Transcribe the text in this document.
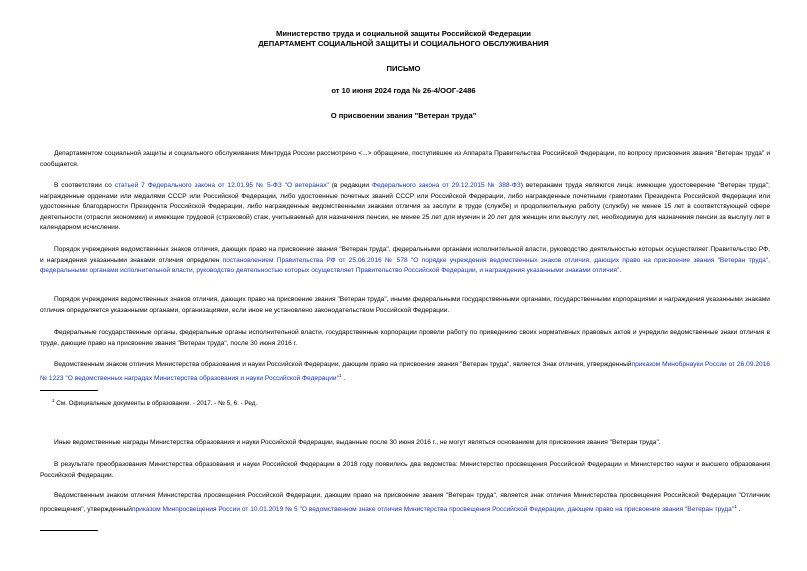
Министерство труда и социальной защиты Российской Федерации
ДЕПАРТАМЕНТ СОЦИАЛЬНОЙ ЗАЩИТЫ И СОЦИАЛЬНОГО ОБСЛУЖИВАНИЯ
ПИСЬМО
от 10 июня 2024 года № 26-4/ООГ-2486
О присвоении звания "Ветеран труда"

Департаментом социальной защиты и социального обслуживания Минтруда России рассмотрено <...> обращение, поступившее из Аппарата Правительства Российской Федерации, по вопросу присвоения звания "Ветеран труда" и сообщается.

В соответствии со статьей 7 Федерального закона от 12.01.95 № 5-ФЗ "О ветеранах" (в редакции Федерального закона от 29.12.2015 № 388-ФЗ) ветеранами труда являются лица: имеющие удостоверение "Ветеран труда"; награжденные орденами или медалями СССР или Российской Федерации, либо удостоенные почетных званий СССР или Российской Федерации, либо награжденные почетными грамотами Президента Российской Федерации или удостоенные благодарности Президента Российской Федерации, либо награжденные ведомственными знаками отличия за заслуги в труде (службе) и продолжительную работу (службу) не менее 15 лет в соответствующей сфере деятельности (отрасли экономики) и имеющие трудовой (страховой) стаж, учитываемый для назначения пенсии, не менее 25 лет для мужчин и 20 лет для женщин или выслугу лет, необходимую для назначения пенсии за выслугу лет в календарном исчислении.

Порядок учреждения ведомственных знаков отличия, дающих право на присвоение звания "Ветеран труда", федеральными органами исполнительной власти, руководство деятельностью которых осуществляет Правительство РФ, и награждения указанными знаками отличия определен постановлением Правительства РФ от 25.06.2016 № 578 "О порядке учреждения ведомственных знаков отличия, дающих право на присвоение звания "Ветеран труда", федеральными органами исполнительной власти, руководство деятельностью которых осуществляет Правительство Российской Федерации, и награждения указанными знаками отличия".

Порядок учреждения ведомственных знаков отличия, дающих право на присвоение звания "Ветеран труда", иными федеральными государственными органами, государственными корпорациями и награждения указанными знаками отличия определяется указанными органами, организациями, если иное не установлено законодательством Российской Федерации.

Федеральные государственные органы, федеральные органы исполнительной власти, государственные корпорации провели работу по приведению своих нормативных правовых актов и учредили ведомственные знаки отличия в труде, дающие право на присвоение звания "Ветеран труда", после 30 июня 2016 г.

Ведомственным знаком отличия Министерства образования и науки Российской Федерации, дающим право на присвоение звания "Ветеран труда", является Знак отличия, утвержденныйприказом Минобрнауки России от 26.09.2016 № 1223 "О ведомственных наградах Министерства образования и науки Российской Федерации"$^1$ .

$^1$ См. Официальные документы в образовании. - 2017. - № 5, 6. - Ред.

Иные ведомственные награды Министерства образования и науки Российской Федерации, выданные после 30 июня 2016 г., не могут являться основанием для присвоения звания "Ветеран труда".

В результате преобразования Министерства образования и науки Российской Федерации в 2018 году появились два ведомства: Министерство просвещения Российской Федерации и Министерство науки и высшего образования Российской Федерации.

Ведомственным знаком отличия Министерства просвещения Российской Федерации, дающим право на присвоение звания "Ветеран труда", является знак отличия Министерства просвещения Российской Федерации "Отличник просвещения", утвержденныйприказом Минпросвещения России от 10.01.2019 № 5 "О ведомственном знаке отличия Министерства просвещения Российской Федерации, дающем право на присвоение звания "Ветеран труда"$^1$ .
